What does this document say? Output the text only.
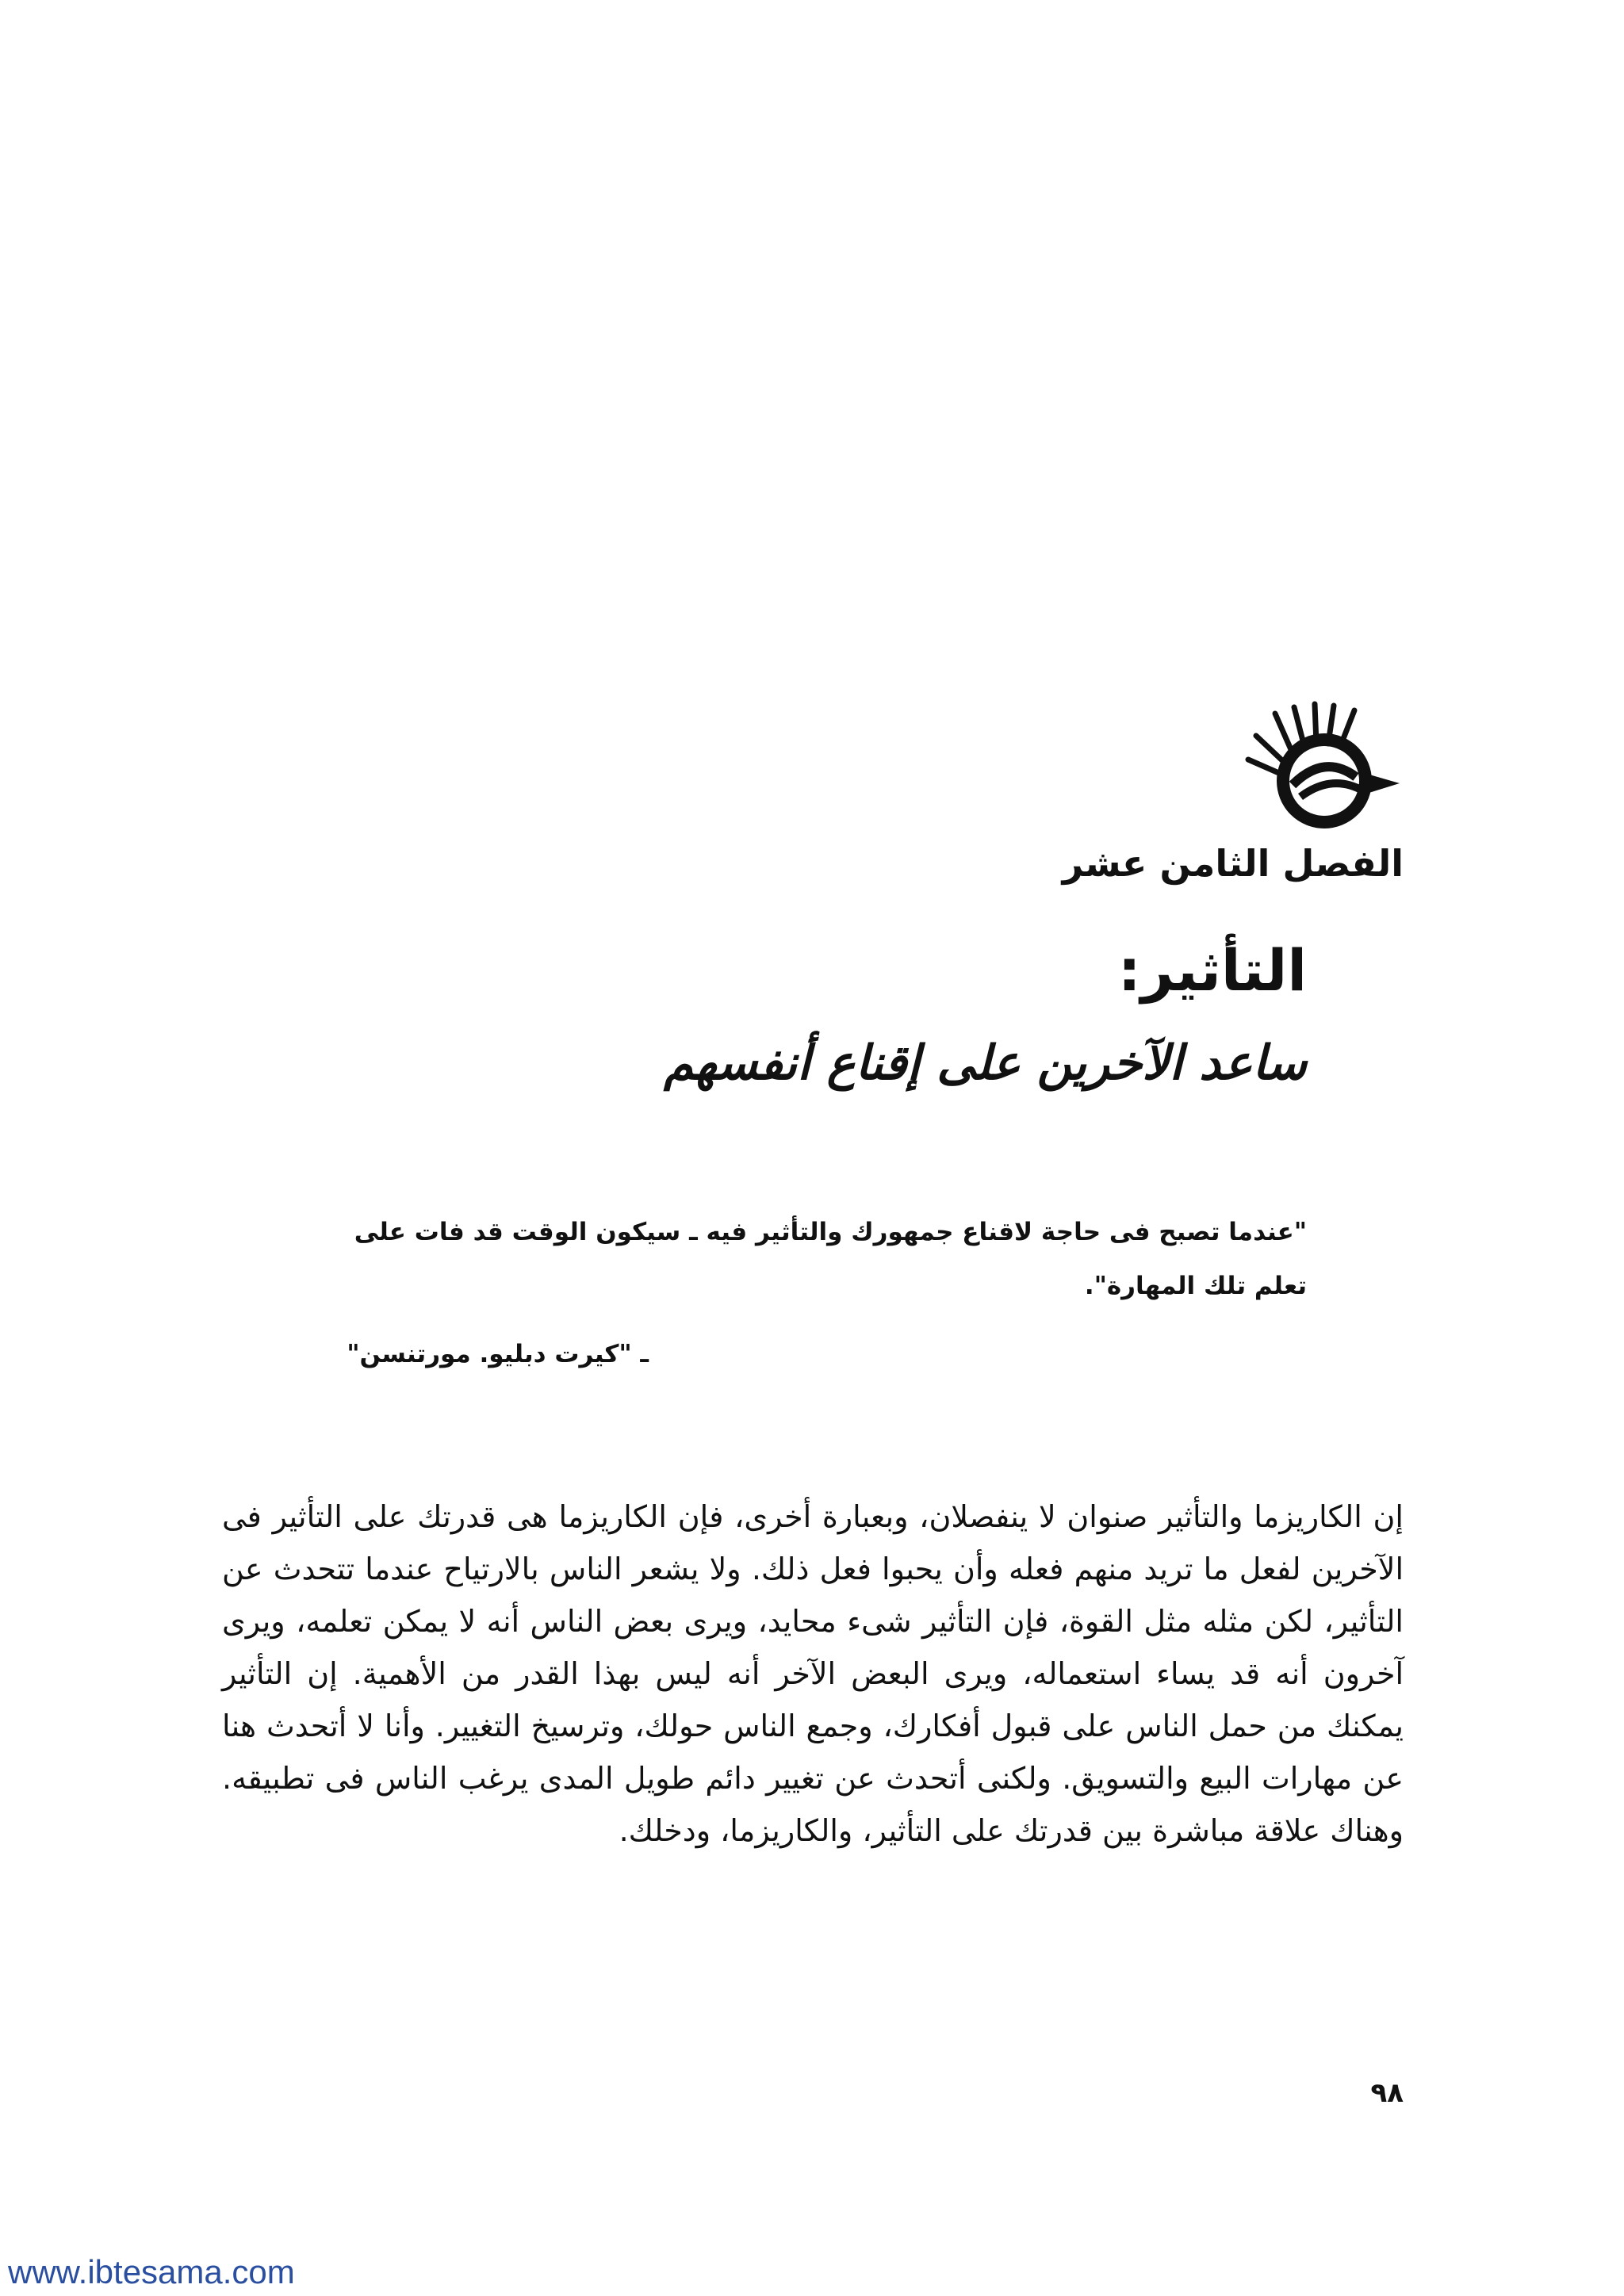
الفصل الثامن عشر
التأثير:
ساعد الآخرين على إقناع أنفسهم
"عندما تصبح فى حاجة لاقناع جمهورك والتأثير فيه ـ سيكون الوقت قد فات على تعلم تلك المهارة".
ـ "كيرت دبليو. مورتنسن"
إن الكاريزما والتأثير صنوان لا ينفصلان، وبعبارة أخرى، فإن الكاريزما هى قدرتك على التأثير فى الآخرين لفعل ما تريد منهم فعله وأن يحبوا فعل ذلك. ولا يشعر الناس بالارتياح عندما تتحدث عن التأثير، لكن مثله مثل القوة، فإن التأثير شىء محايد، ويرى بعض الناس أنه لا يمكن تعلمه، ويرى آخرون أنه قد يساء استعماله، ويرى البعض الآخر أنه ليس بهذا القدر من الأهمية. إن التأثير يمكنك من حمل الناس على قبول أفكارك، وجمع الناس حولك، وترسيخ التغيير. وأنا لا أتحدث هنا عن مهارات البيع والتسويق. ولكنى أتحدث عن تغيير دائم طويل المدى يرغب الناس فى تطبيقه. وهناك علاقة مباشرة بين قدرتك على التأثير، والكاريزما، ودخلك.
٩٨
www.ibtesama.com
